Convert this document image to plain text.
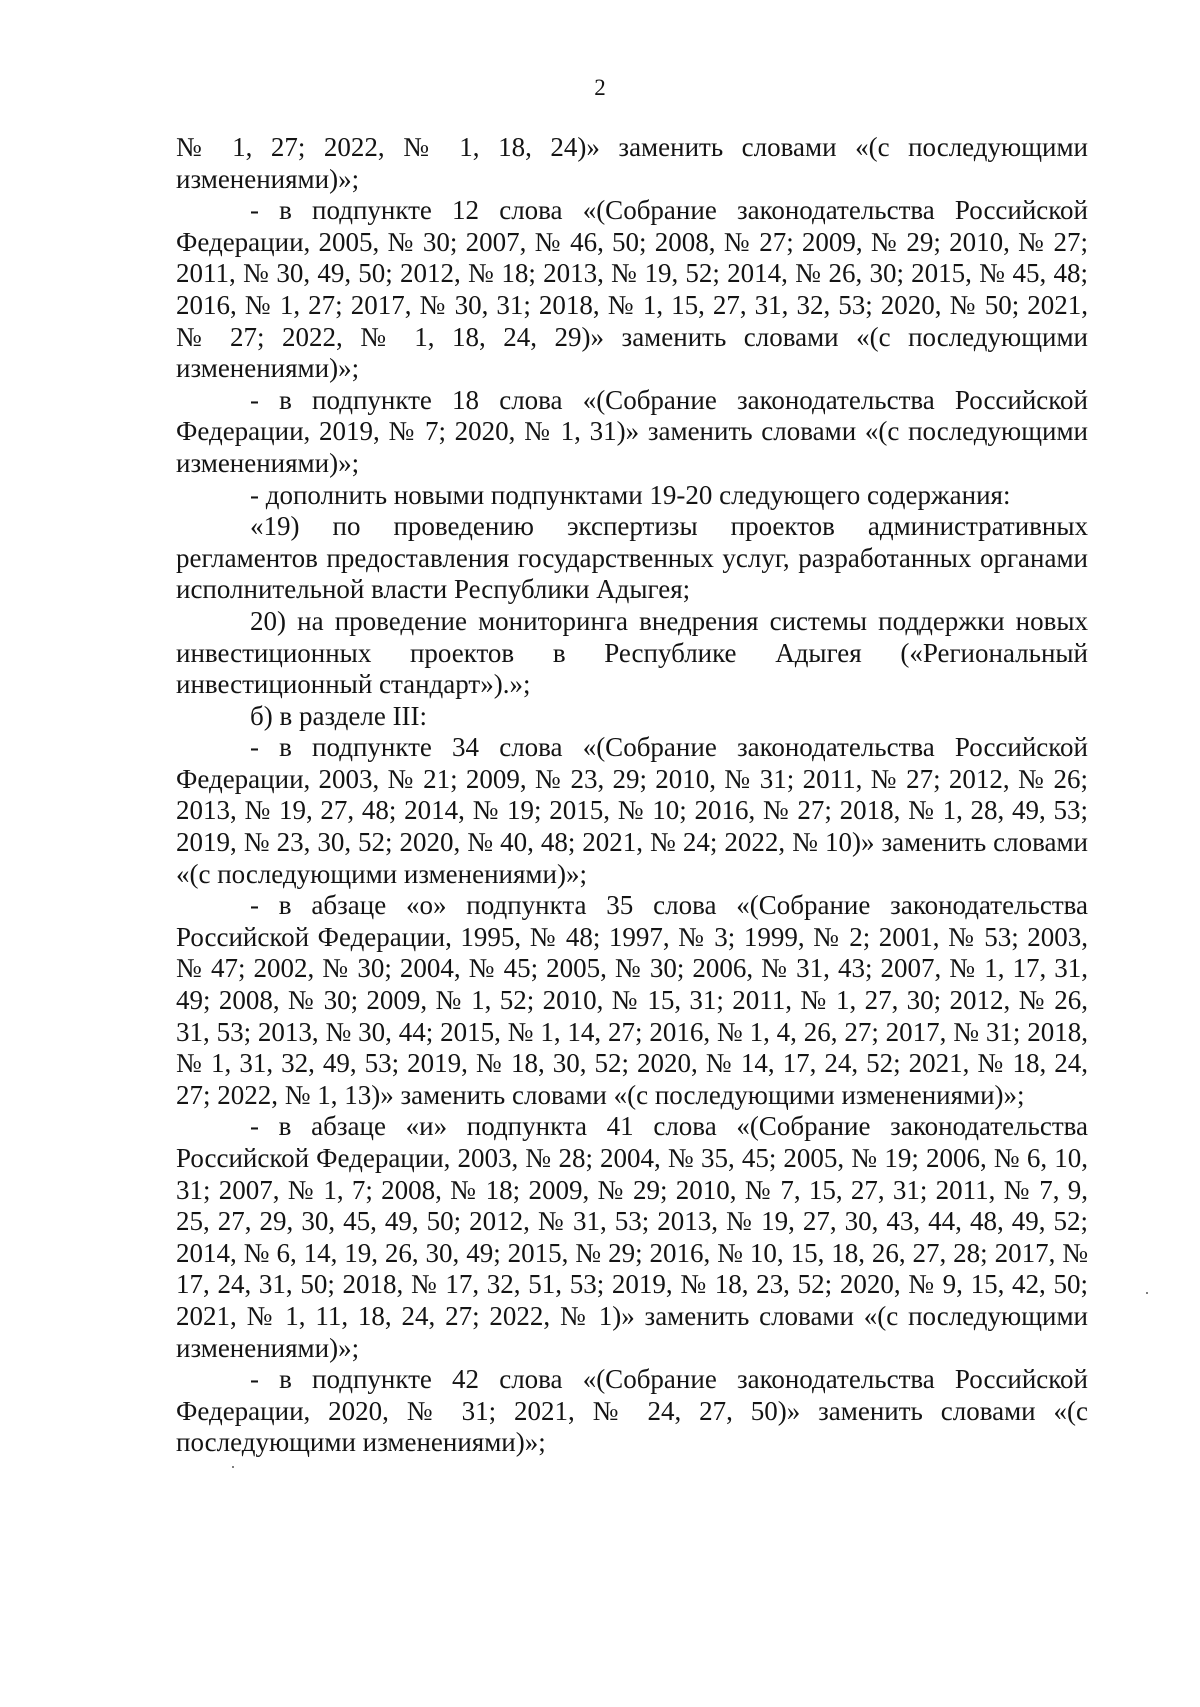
2

№ 1, 27; 2022, № 1, 18, 24)» заменить словами «(с последующими изменениями)»;

- в подпункте 12 слова «(Собрание законодательства Российской Федерации, 2005, № 30; 2007, № 46, 50; 2008, № 27; 2009, № 29; 2010, № 27; 2011, № 30, 49, 50; 2012, № 18; 2013, № 19, 52; 2014, № 26, 30; 2015, № 45, 48; 2016, № 1, 27; 2017, № 30, 31; 2018, № 1, 15, 27, 31, 32, 53; 2020, № 50; 2021, № 27; 2022, № 1, 18, 24, 29)» заменить словами «(с последующими изменениями)»;

- в подпункте 18 слова «(Собрание законодательства Российской Федерации, 2019, № 7; 2020, № 1, 31)» заменить словами «(с последующими изменениями)»;

- дополнить новыми подпунктами 19-20 следующего содержания:

«19) по проведению экспертизы проектов административных регламентов предоставления государственных услуг, разработанных органами исполнительной власти Республики Адыгея;

20) на проведение мониторинга внедрения системы поддержки новых инвестиционных проектов в Республике Адыгея («Региональный инвестиционный стандарт»).»;

б) в разделе III:

- в подпункте 34 слова «(Собрание законодательства Российской Федерации, 2003, № 21; 2009, № 23, 29; 2010, № 31; 2011, № 27; 2012, № 26; 2013, № 19, 27, 48; 2014, № 19; 2015, № 10; 2016, № 27; 2018, № 1, 28, 49, 53; 2019, № 23, 30, 52; 2020, № 40, 48; 2021, № 24; 2022, № 10)» заменить словами «(с последующими изменениями)»;

- в абзаце «о» подпункта 35 слова «(Собрание законодательства Российской Федерации, 1995, № 48; 1997, № 3; 1999, № 2; 2001, № 53; 2003, № 47; 2002, № 30; 2004, № 45; 2005, № 30; 2006, № 31, 43; 2007, № 1, 17, 31, 49; 2008, № 30; 2009, № 1, 52; 2010, № 15, 31; 2011, № 1, 27, 30; 2012, № 26, 31, 53; 2013, № 30, 44; 2015, № 1, 14, 27; 2016, № 1, 4, 26, 27; 2017, № 31; 2018, № 1, 31, 32, 49, 53; 2019, № 18, 30, 52; 2020, № 14, 17, 24, 52; 2021, № 18, 24, 27; 2022, № 1, 13)» заменить словами «(с последующими изменениями)»;

- в абзаце «и» подпункта 41 слова «(Собрание законодательства Российской Федерации, 2003, № 28; 2004, № 35, 45; 2005, № 19; 2006, № 6, 10, 31; 2007, № 1, 7; 2008, № 18; 2009, № 29; 2010, № 7, 15, 27, 31; 2011, № 7, 9, 25, 27, 29, 30, 45, 49, 50; 2012, № 31, 53; 2013, № 19, 27, 30, 43, 44, 48, 49, 52; 2014, № 6, 14, 19, 26, 30, 49; 2015, № 29; 2016, № 10, 15, 18, 26, 27, 28; 2017, № 17, 24, 31, 50; 2018, № 17, 32, 51, 53; 2019, № 18, 23, 52; 2020, № 9, 15, 42, 50; 2021, № 1, 11, 18, 24, 27; 2022, № 1)» заменить словами «(с последующими изменениями)»;

- в подпункте 42 слова «(Собрание законодательства Российской Федерации, 2020, № 31; 2021, № 24, 27, 50)» заменить словами «(с последующими изменениями)»;
